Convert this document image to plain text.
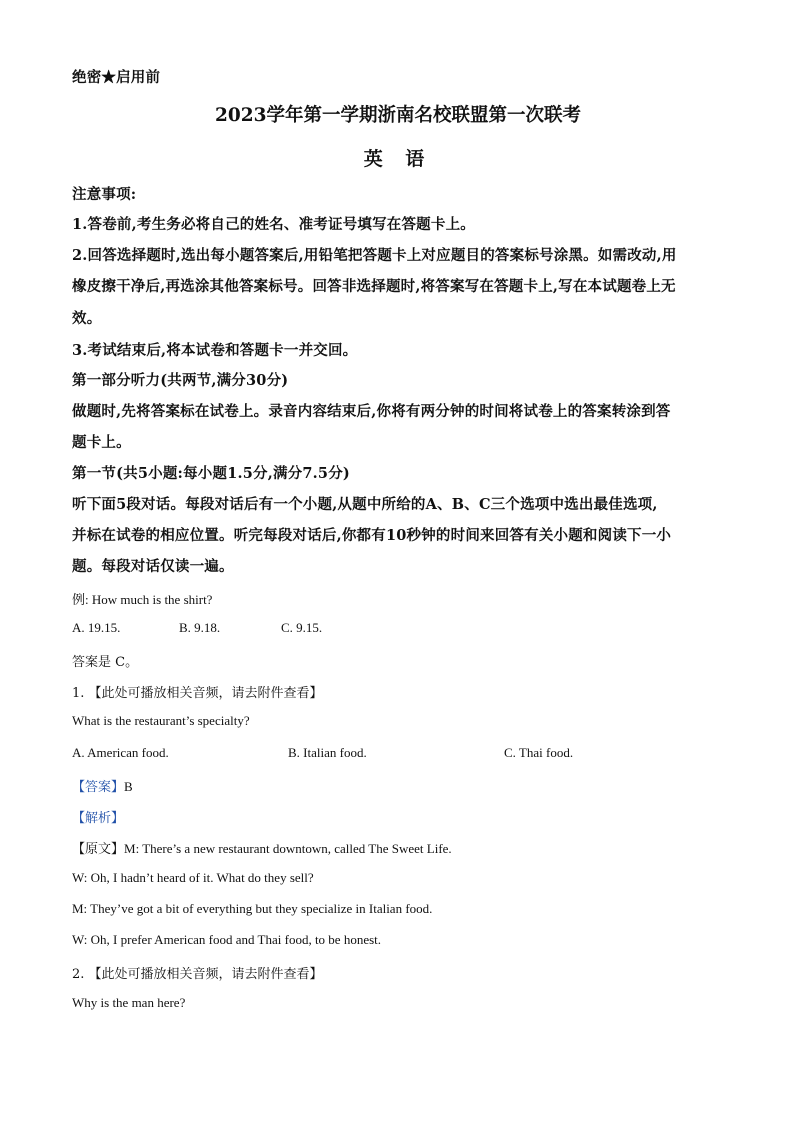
绝密★启用前
2023学年第一学期浙南名校联盟第一次联考
英 语
注意事项:
1.答卷前,考生务必将自己的姓名、准考证号填写在答题卡上。
2.回答选择题时,选出每小题答案后,用铅笔把答题卡上对应题目的答案标号涂黑。如需改动,用
橡皮擦干净后,再选涂其他答案标号。回答非选择题时,将答案写在答题卡上,写在本试题卷上无
效。
3.考试结束后,将本试卷和答题卡一并交回。
第一部分听力(共两节,满分30分)
做题时,先将答案标在试卷上。录音内容结束后,你将有两分钟的时间将试卷上的答案转涂到答
题卡上。
第一节(共5小题:每小题1.5分,满分7.5分)
听下面5段对话。每段对话后有一个小题,从题中所给的A、B、C三个选项中选出最佳选项,
并标在试卷的相应位置。听完每段对话后,你都有10秒钟的时间来回答有关小题和阅读下一小
题。每段对话仅读一遍。
例: How much is the shirt?
A. 19.15.	B. 9.18.	C. 9.15.
答案是 C。
1. 【此处可播放相关音频，请去附件查看】
What is the restaurant’s specialty?
A. American food.	B. Italian food.	C. Thai food.
【答案】B
【解析】
【原文】M: There’s a new restaurant downtown, called The Sweet Life.
W: Oh, I hadn’t heard of it. What do they sell?
M: They’ve got a bit of everything but they specialize in Italian food.
W: Oh, I prefer American food and Thai food, to be honest.
2. 【此处可播放相关音频，请去附件查看】
Why is the man here?
